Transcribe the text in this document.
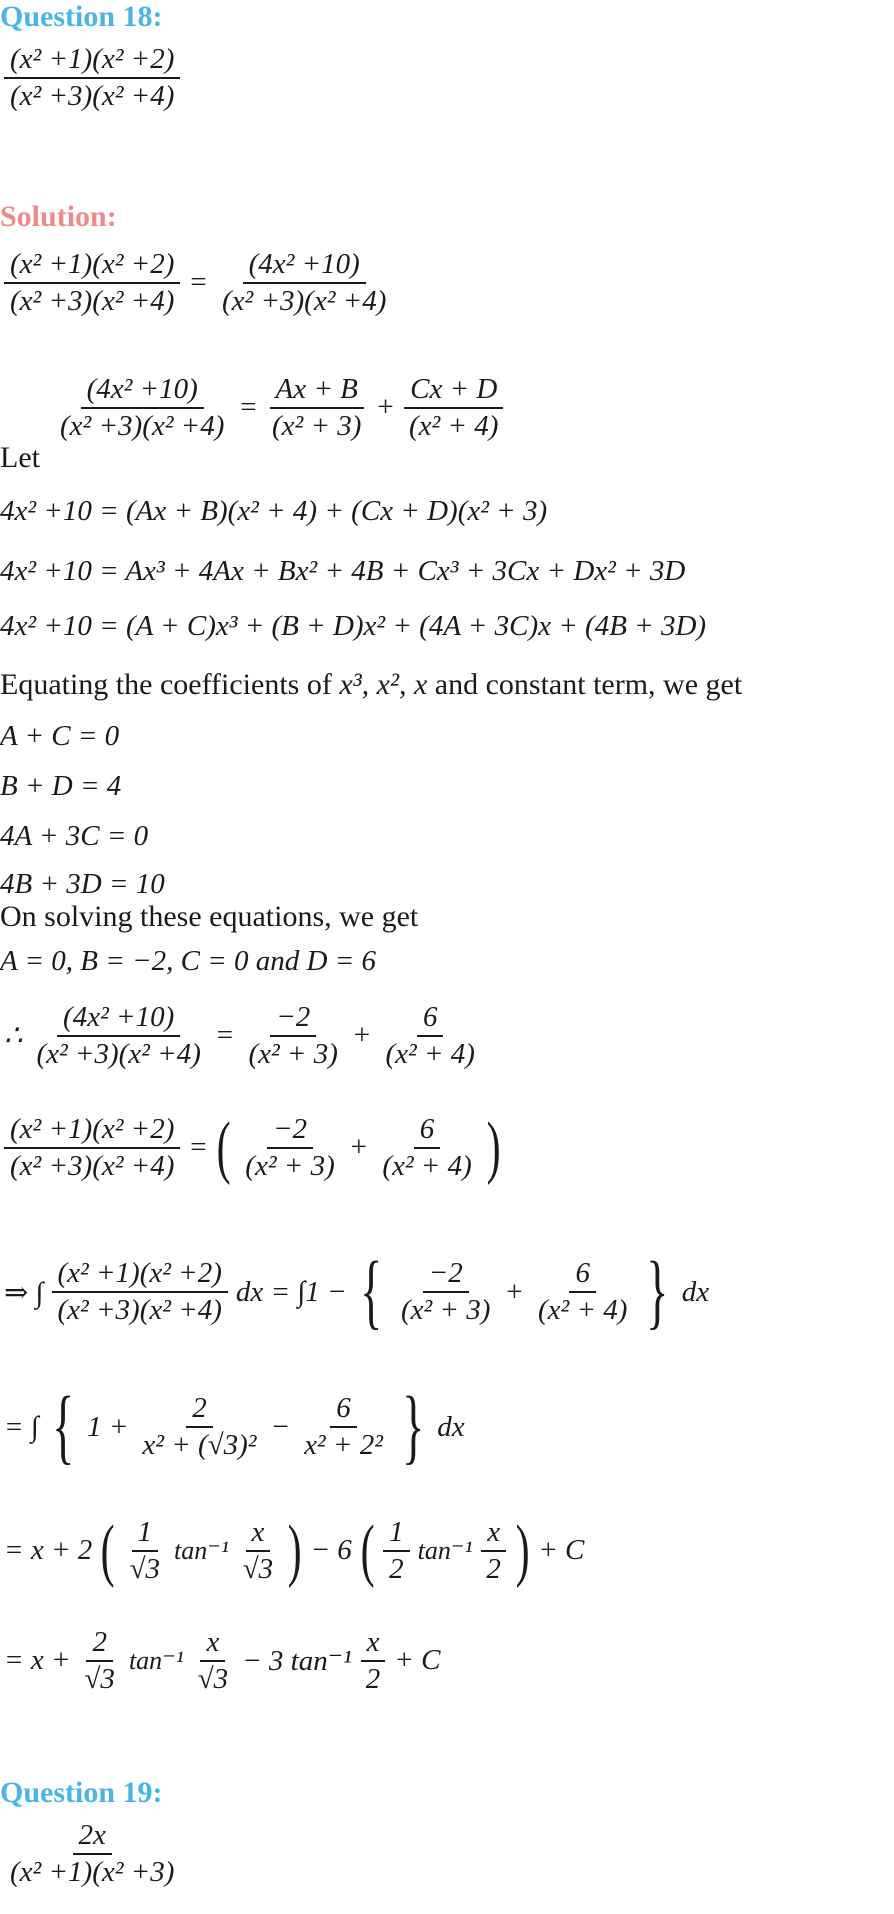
Question 18:
$\frac{\text{(x² +1)(x² +2)}}{\text{(x² +3)(x² +4)}}$
Solution:
$\frac{\text{(x² +1)(x² +2)}}{\text{(x² +3)(x² +4)}} = \frac{\text{(4x² +10)}}{\text{(x² +3)(x² +4)}}$
Let
$\frac{\text{(4x² +10)}}{\text{(x² +3)(x² +4)}} = \frac{Ax + B}{\text{(x² + 3)}} + \frac{Cx + D}{\text{(x² + 4)}}$
4x² +10 = (Ax + B)(x² + 4) + (Cx + D)(x² + 3)
4x² +10 = Ax³ + 4Ax + Bx² + 4B + Cx³ + 3Cx + Dx² + 3D
4x² +10 = (A + C)x³ + (B + D)x² + (4A + 3C)x + (4B + 3D)
Equating the coefficients of x³, x², x and constant term, we get
A + C = 0
B + D = 4
4A + 3C = 0
4B + 3D = 10
On solving these equations, we get
A = 0, B = −2, C = 0 and D = 6
∴ $\frac{\text{(4x² +10)}}{\text{(x² +3)(x² +4)}} = \frac{-2}{\text{(x² + 3)}} + \frac{6}{\text{(x² + 4)}}$
$\frac{\text{(x² +1)(x² +2)}}{\text{(x² +3)(x² +4)}}$ = ( $\frac{-2}{\text{(x² + 3)}} + \frac{6}{\text{(x² + 4)}}$ )
⇒ ∫ $\frac{\text{(x² +1)(x² +2)}}{\text{(x² +3)(x² +4)}}$ dx = ∫1 − { $\frac{-2}{\text{(x² + 3)}} + \frac{6}{\text{(x² + 4)}}$ } dx
= ∫ { $1 + \frac{2}{\text{x² + (√3)²}} - \frac{6}{\text{x² + 2²}}$ } dx
= x + 2 ( $\frac{1}{√3} \tan^{-1} \frac{x}{√3}$ ) − 6 ( $\frac{1}{2} \tan^{-1} \frac{x}{2}$ ) + C
= $x + \frac{2}{√3} \tan^{-1} \frac{x}{√3} - 3$ $\tan^{-1} \frac{x}{2} + C$
Question 19:
$\frac{2x}{\text{(x² +1)(x² +3)}}$
